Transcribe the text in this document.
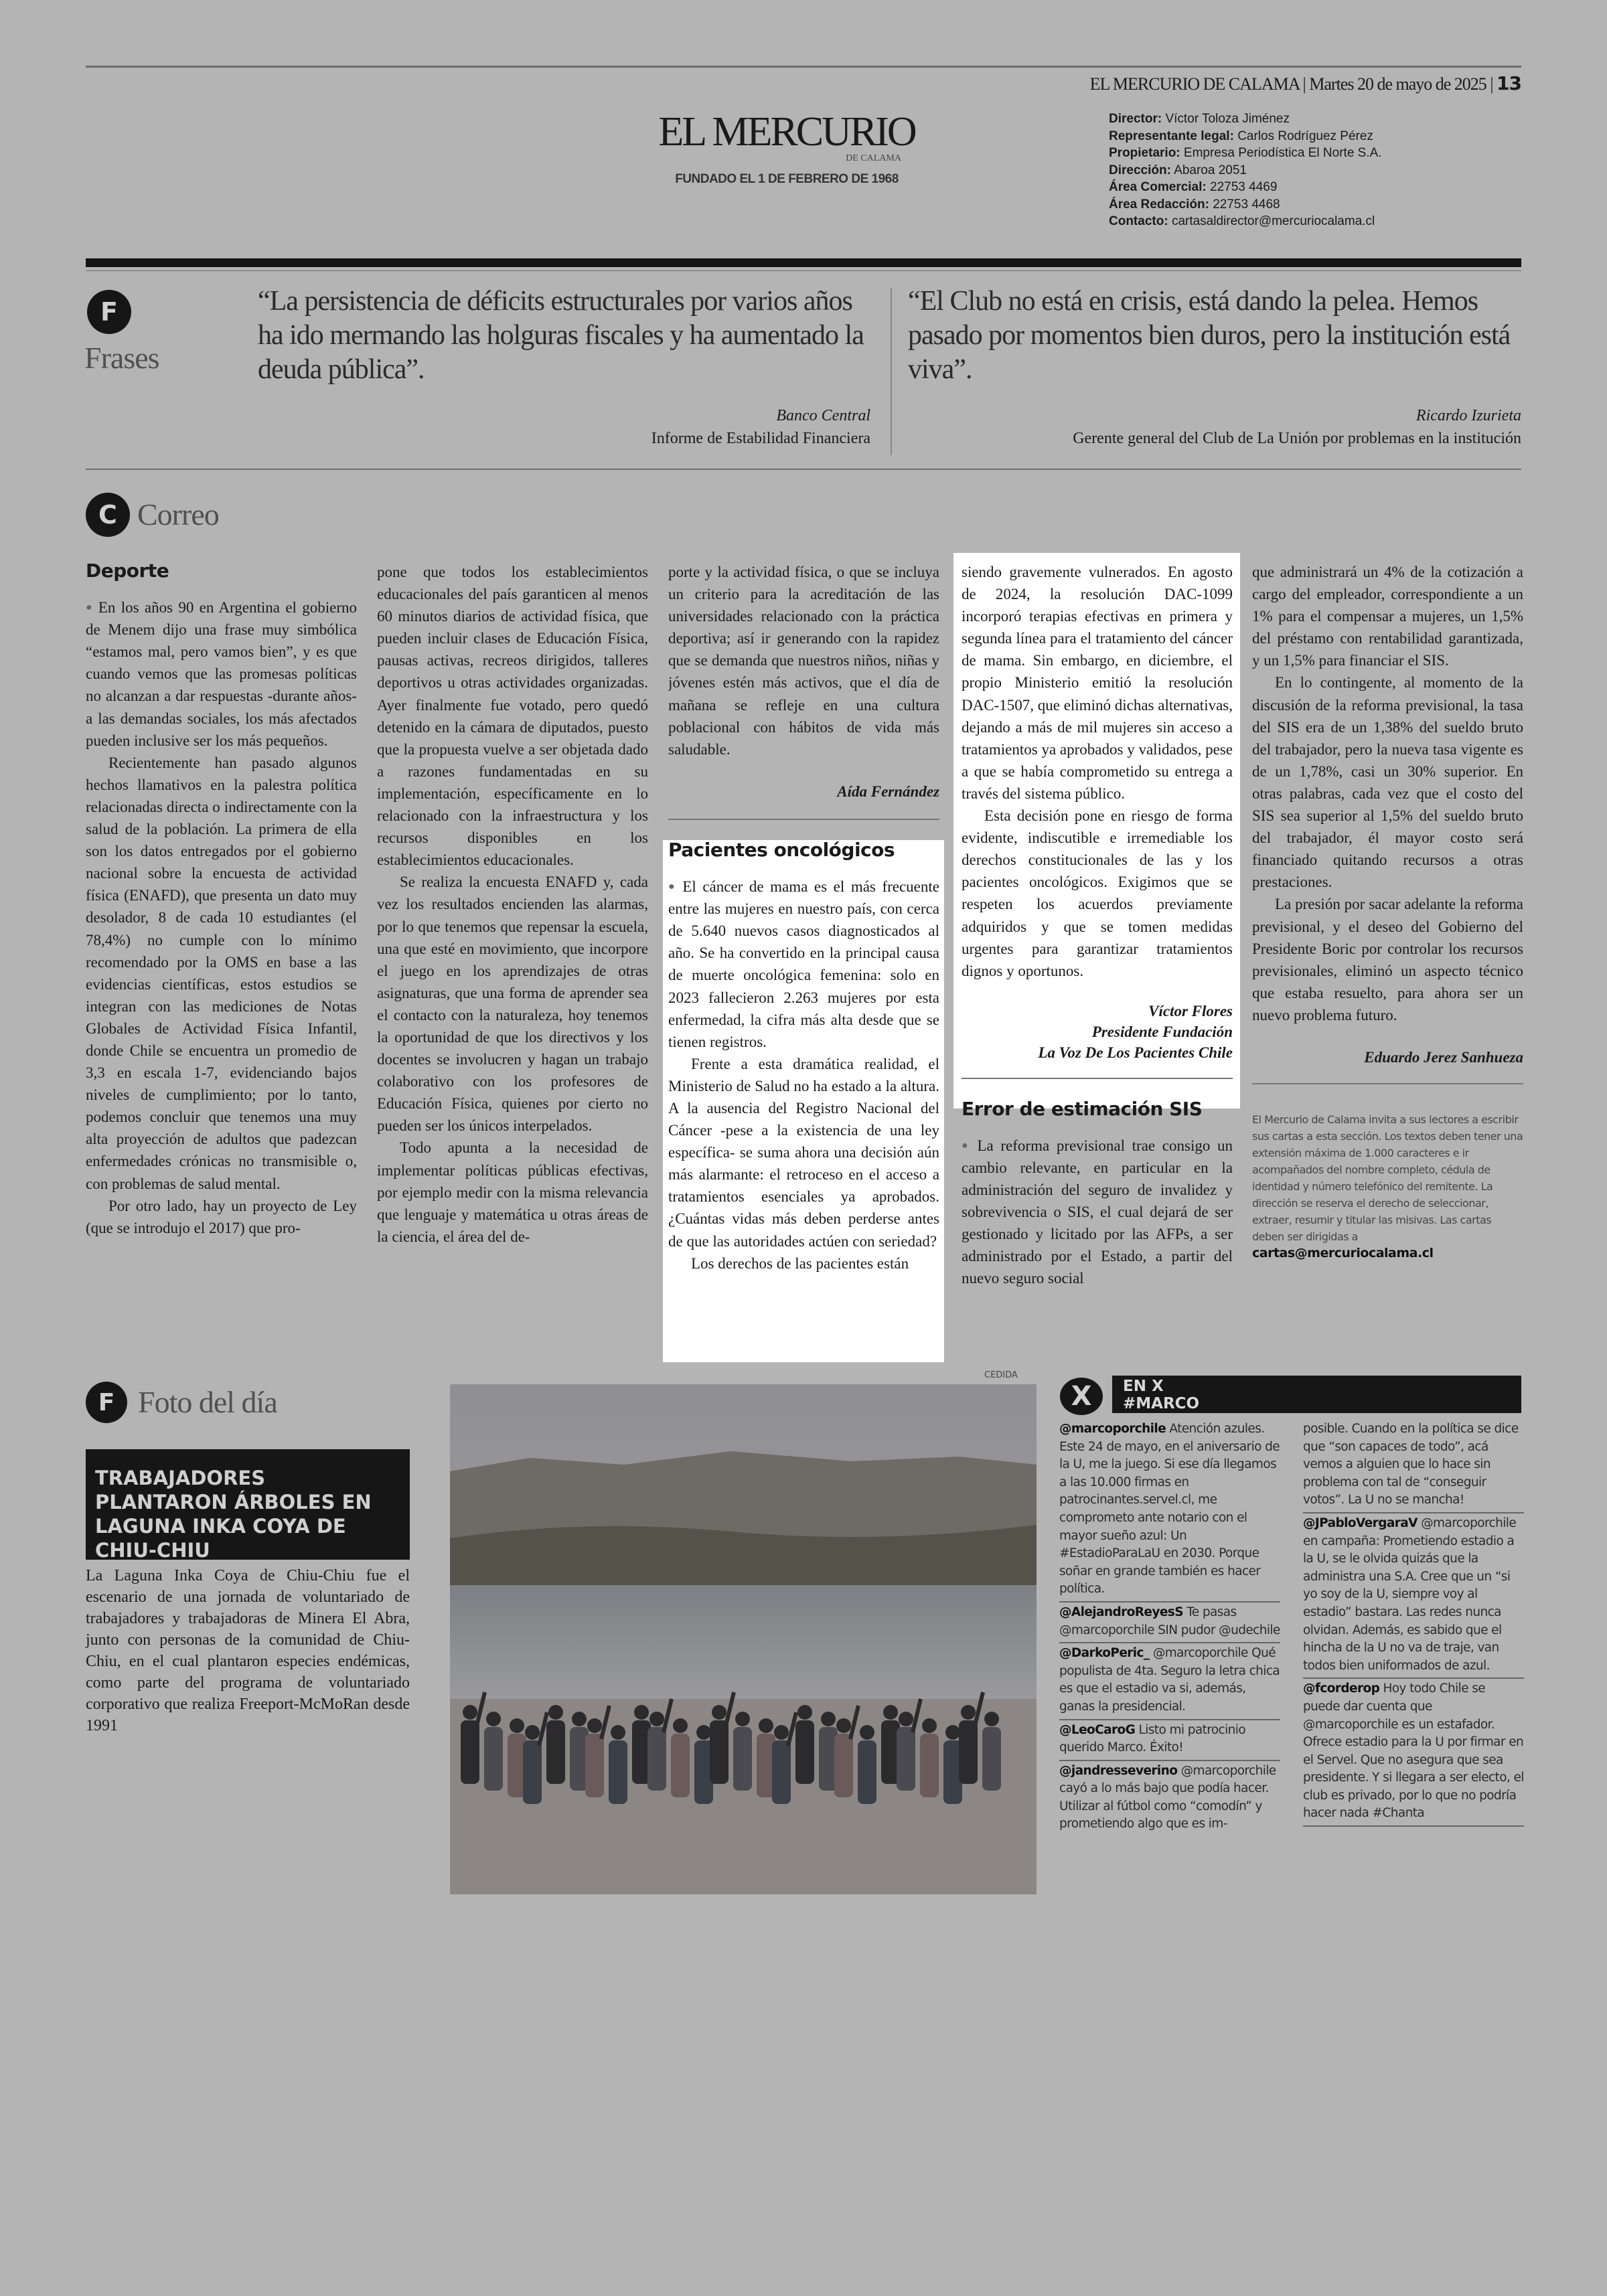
EL MERCURIO DE CALAMA | Martes 20 de mayo de 2025 | 13
EL MERCURIO
DE CALAMA
FUNDADO EL 1 DE FEBRERO DE 1968
Director: Víctor Toloza Jiménez
Representante legal: Carlos Rodríguez Pérez
Propietario: Empresa Periodística El Norte S.A.
Dirección: Abaroa 2051
Área Comercial: 22753 4469
Área Redacción: 22753 4468
Contacto: cartasaldirector@mercuriocalama.cl
F
Frases
“La persistencia de déficits estructurales por varios años ha ido mermando las holguras fiscales y ha aumentado la deuda pública”.
Banco Central
Informe de Estabilidad Financiera
“El Club no está en crisis, está dando la pelea. Hemos pasado por momentos bien duros, pero la institución está viva”.
Ricardo Izurieta
Gerente general del Club de La Unión por problemas en la institución
C Correo
Deporte

● En los años 90 en Argentina el gobierno de Menem dijo una frase muy simbólica “estamos mal, pero vamos bien”, y es que cuando vemos que las promesas políticas no alcanzan a dar respuestas -durante años- a las demandas sociales, los más afectados pueden inclusive ser los más pequeños.

Recientemente han pasado algunos hechos llamativos en la palestra política relacionadas directa o indirectamente con la salud de la población. La primera de ella son los datos entregados por el gobierno nacional sobre la encuesta de actividad física (ENAFD), que presenta un dato muy desolador, 8 de cada 10 estudiantes (el 78,4%) no cumple con lo mínimo recomendado por la OMS en base a las evidencias científicas, estos estudios se integran con las mediciones de Notas Globales de Actividad Física Infantil, donde Chile se encuentra un promedio de 3,3 en escala 1-7, evidenciando bajos niveles de cumplimiento; por lo tanto, podemos concluir que tenemos una muy alta proyección de adultos que padezcan enfermedades crónicas no transmisible o, con problemas de salud mental.

Por otro lado, hay un proyecto de Ley (que se introdujo el 2017) que pro-

pone que todos los establecimientos educacionales del país garanticen al menos 60 minutos diarios de actividad física, que pueden incluir clases de Educación Física, pausas activas, recreos dirigidos, talleres deportivos u otras actividades organizadas. Ayer finalmente fue votado, pero quedó detenido en la cámara de diputados, puesto que la propuesta vuelve a ser objetada dado a razones fundamentadas en su implementación, específicamente en lo relacionado con la infraestructura y los recursos disponibles en los establecimientos educacionales.

Se realiza la encuesta ENAFD y, cada vez los resultados encienden las alarmas, por lo que tenemos que repensar la escuela, una que esté en movimiento, que incorpore el juego en los aprendizajes de otras asignaturas, que una forma de aprender sea el contacto con la naturaleza, hoy tenemos la oportunidad de que los directivos y los docentes se involucren y hagan un trabajo colaborativo con los profesores de Educación Física, quienes por cierto no pueden ser los únicos interpelados.

Todo apunta a la necesidad de implementar políticas públicas efectivas, por ejemplo medir con la misma relevancia que lenguaje y matemática u otras áreas de la ciencia, el área del de-

porte y la actividad física, o que se incluya un criterio para la acreditación de las universidades relacionado con la práctica deportiva; así ir generando con la rapidez que se demanda que nuestros niños, niñas y jóvenes estén más activos, que el día de mañana se refleje en una cultura poblacional con hábitos de vida más saludable.

Aída Fernández

Pacientes oncológicos

● El cáncer de mama es el más frecuente entre las mujeres en nuestro país, con cerca de 5.640 nuevos casos diagnosticados al año. Se ha convertido en la principal causa de muerte oncológica femenina: solo en 2023 fallecieron 2.263 mujeres por esta enfermedad, la cifra más alta desde que se tienen registros.

Frente a esta dramática realidad, el Ministerio de Salud no ha estado a la altura. A la ausencia del Registro Nacional del Cáncer -pese a la existencia de una ley específica- se suma ahora una decisión aún más alarmante: el retroceso en el acceso a tratamientos esenciales ya aprobados. ¿Cuántas vidas más deben perderse antes de que las autoridades actúen con seriedad?

Los derechos de las pacientes están

siendo gravemente vulnerados. En agosto de 2024, la resolución DAC-1099 incorporó terapias efectivas en primera y segunda línea para el tratamiento del cáncer de mama. Sin embargo, en diciembre, el propio Ministerio emitió la resolución DAC-1507, que eliminó dichas alternativas, dejando a más de mil mujeres sin acceso a tratamientos ya aprobados y validados, pese a que se había comprometido su entrega a través del sistema público.

Esta decisión pone en riesgo de forma evidente, indiscutible e irremediable los derechos constitucionales de las y los pacientes oncológicos. Exigimos que se respeten los acuerdos previamente adquiridos y que se tomen medidas urgentes para garantizar tratamientos dignos y oportunos.

Víctor Flores
Presidente Fundación
La Voz De Los Pacientes Chile
Error de estimación SIS

● La reforma previsional trae consigo un cambio relevante, en particular en la administración del seguro de invalidez y sobrevivencia o SIS, el cual dejará de ser gestionado y licitado por las AFPs, a ser administrado por el Estado, a partir del nuevo seguro social

que administrará un 4% de la cotización a cargo del empleador, correspondiente a un 1% para el compensar a mujeres, un 1,5% del préstamo con rentabilidad garantizada, y un 1,5% para financiar el SIS.

En lo contingente, al momento de la discusión de la reforma previsional, la tasa del SIS era de un 1,38% del sueldo bruto del trabajador, pero la nueva tasa vigente es de un 1,78%, casi un 30% superior. En otras palabras, cada vez que el costo del SIS sea superior al 1,5% del sueldo bruto del trabajador, él mayor costo será financiado quitando recursos a otras prestaciones.

La presión por sacar adelante la reforma previsional, y el deseo del Gobierno del Presidente Boric por controlar los recursos previsionales, eliminó un aspecto técnico que estaba resuelto, para ahora ser un nuevo problema futuro.

Eduardo Jerez Sanhueza

El Mercurio de Calama invita a sus lectores a escribir sus cartas a esta sección. Los textos deben tener una extensión máxima de 1.000 caracteres e ir acompañados del nombre completo, cédula de identidad y número telefónico del remitente. La dirección se reserva el derecho de seleccionar, extraer, resumir y titular las misivas. Las cartas deben ser dirigidas a
cartas@mercuriocalama.cl
F Foto del día
TRABAJADORES PLANTARON ÁRBOLES EN LAGUNA INKA COYA DE CHIU-CHIU
La Laguna Inka Coya de Chiu-Chiu fue el escenario de una jornada de voluntariado de trabajadores y trabajadoras de Minera El Abra, junto con personas de la comunidad de Chiu-Chiu, en el cual plantaron especies endémicas, como parte del programa de voluntariado corporativo que realiza Freeport-McMoRan desde 1991
CEDIDA
X	EN X
#MARCO
@marcoporchile Atención azules. Este 24 de mayo, en el aniversario de la U, me la juego. Si ese día llegamos a las 10.000 firmas en patrocinantes.servel.cl, me comprometo ante notario con el mayor sueño azul: Un #EstadioParaLaU en 2030. Porque soñar en grande también es hacer política.
@AlejandroReyesS Te pasas @marcoporchile SIN pudor @udechile
@DarkoPeric_ @marcoporchile Qué populista de 4ta. Seguro la letra chica es que el estadio va si, además, ganas la presidencial.
@LeoCaroG Listo mi patrocinio querido Marco. Éxito!
@jandresseverino @marcoporchile cayó a lo más bajo que podía hacer. Utilizar al fútbol como “comodín” y prometiendo algo que es im-
posible. Cuando en la política se dice que “son capaces de todo”, acá vemos a alguien que lo hace sin problema con tal de “conseguir votos”. La U no se mancha!
@JPabloVergaraV @marcoporchile en campaña: Prometiendo estadio a la U, se le olvida quizás que la administra una S.A. Cree que un “si yo soy de la U, siempre voy al estadio” bastara. Las redes nunca olvidan. Además, es sabido que el hincha de la U no va de traje, van todos bien uniformados de azul.
@fcorderop Hoy todo Chile se puede dar cuenta que @marcoporchile es un estafador. Ofrece estadio para la U por firmar en el Servel. Que no asegura que sea presidente. Y si llegara a ser electo, el club es privado, por lo que no podría hacer nada #Chanta
